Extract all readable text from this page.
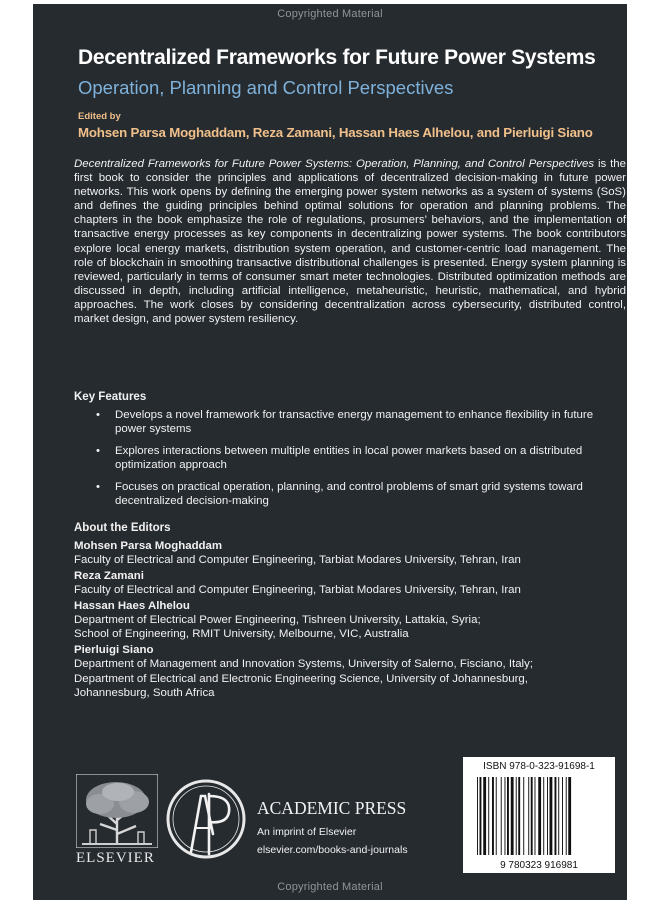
Copyrighted Material
Decentralized Frameworks for Future Power Systems
Operation, Planning and Control Perspectives
Edited by
Mohsen Parsa Moghaddam, Reza Zamani, Hassan Haes Alhelou, and Pierluigi Siano
Decentralized Frameworks for Future Power Systems: Operation, Planning, and Control Perspectives is the first book to consider the principles and applications of decentralized decision-making in future power networks. This work opens by defining the emerging power system networks as a system of systems (SoS) and defines the guiding principles behind optimal solutions for operation and planning problems. The chapters in the book emphasize the role of regulations, prosumers’ behaviors, and the implementation of transactive energy processes as key components in decentralizing power systems. The book contributors explore local energy markets, distribution system operation, and customer-centric load management. The role of blockchain in smoothing transactive distributional challenges is presented. Energy system planning is reviewed, particularly in terms of consumer smart meter technologies. Distributed optimization methods are discussed in depth, including artificial intelligence, metaheuristic, heuristic, mathematical, and hybrid approaches. The work closes by considering decentralization across cybersecurity, distributed control, market design, and power system resiliency.
Key Features
• Develops a novel framework for transactive energy management to enhance flexibility in future power systems
• Explores interactions between multiple entities in local power markets based on a distributed optimization approach
• Focuses on practical operation, planning, and control problems of smart grid systems toward decentralized decision-making
About the Editors
Mohsen Parsa Moghaddam
Faculty of Electrical and Computer Engineering, Tarbiat Modares University, Tehran, Iran
Reza Zamani
Faculty of Electrical and Computer Engineering, Tarbiat Modares University, Tehran, Iran
Hassan Haes Alhelou
Department of Electrical Power Engineering, Tishreen University, Lattakia, Syria;
School of Engineering, RMIT University, Melbourne, VIC, Australia
Pierluigi Siano
Department of Management and Innovation Systems, University of Salerno, Fisciano, Italy;
Department of Electrical and Electronic Engineering Science, University of Johannesburg,
Johannesburg, South Africa
ELSEVIER
ACADEMIC PRESS
An imprint of Elsevier
elsevier.com/books-and-journals
ISBN 978-0-323-91698-1
9 780323 916981
Copyrighted Material
